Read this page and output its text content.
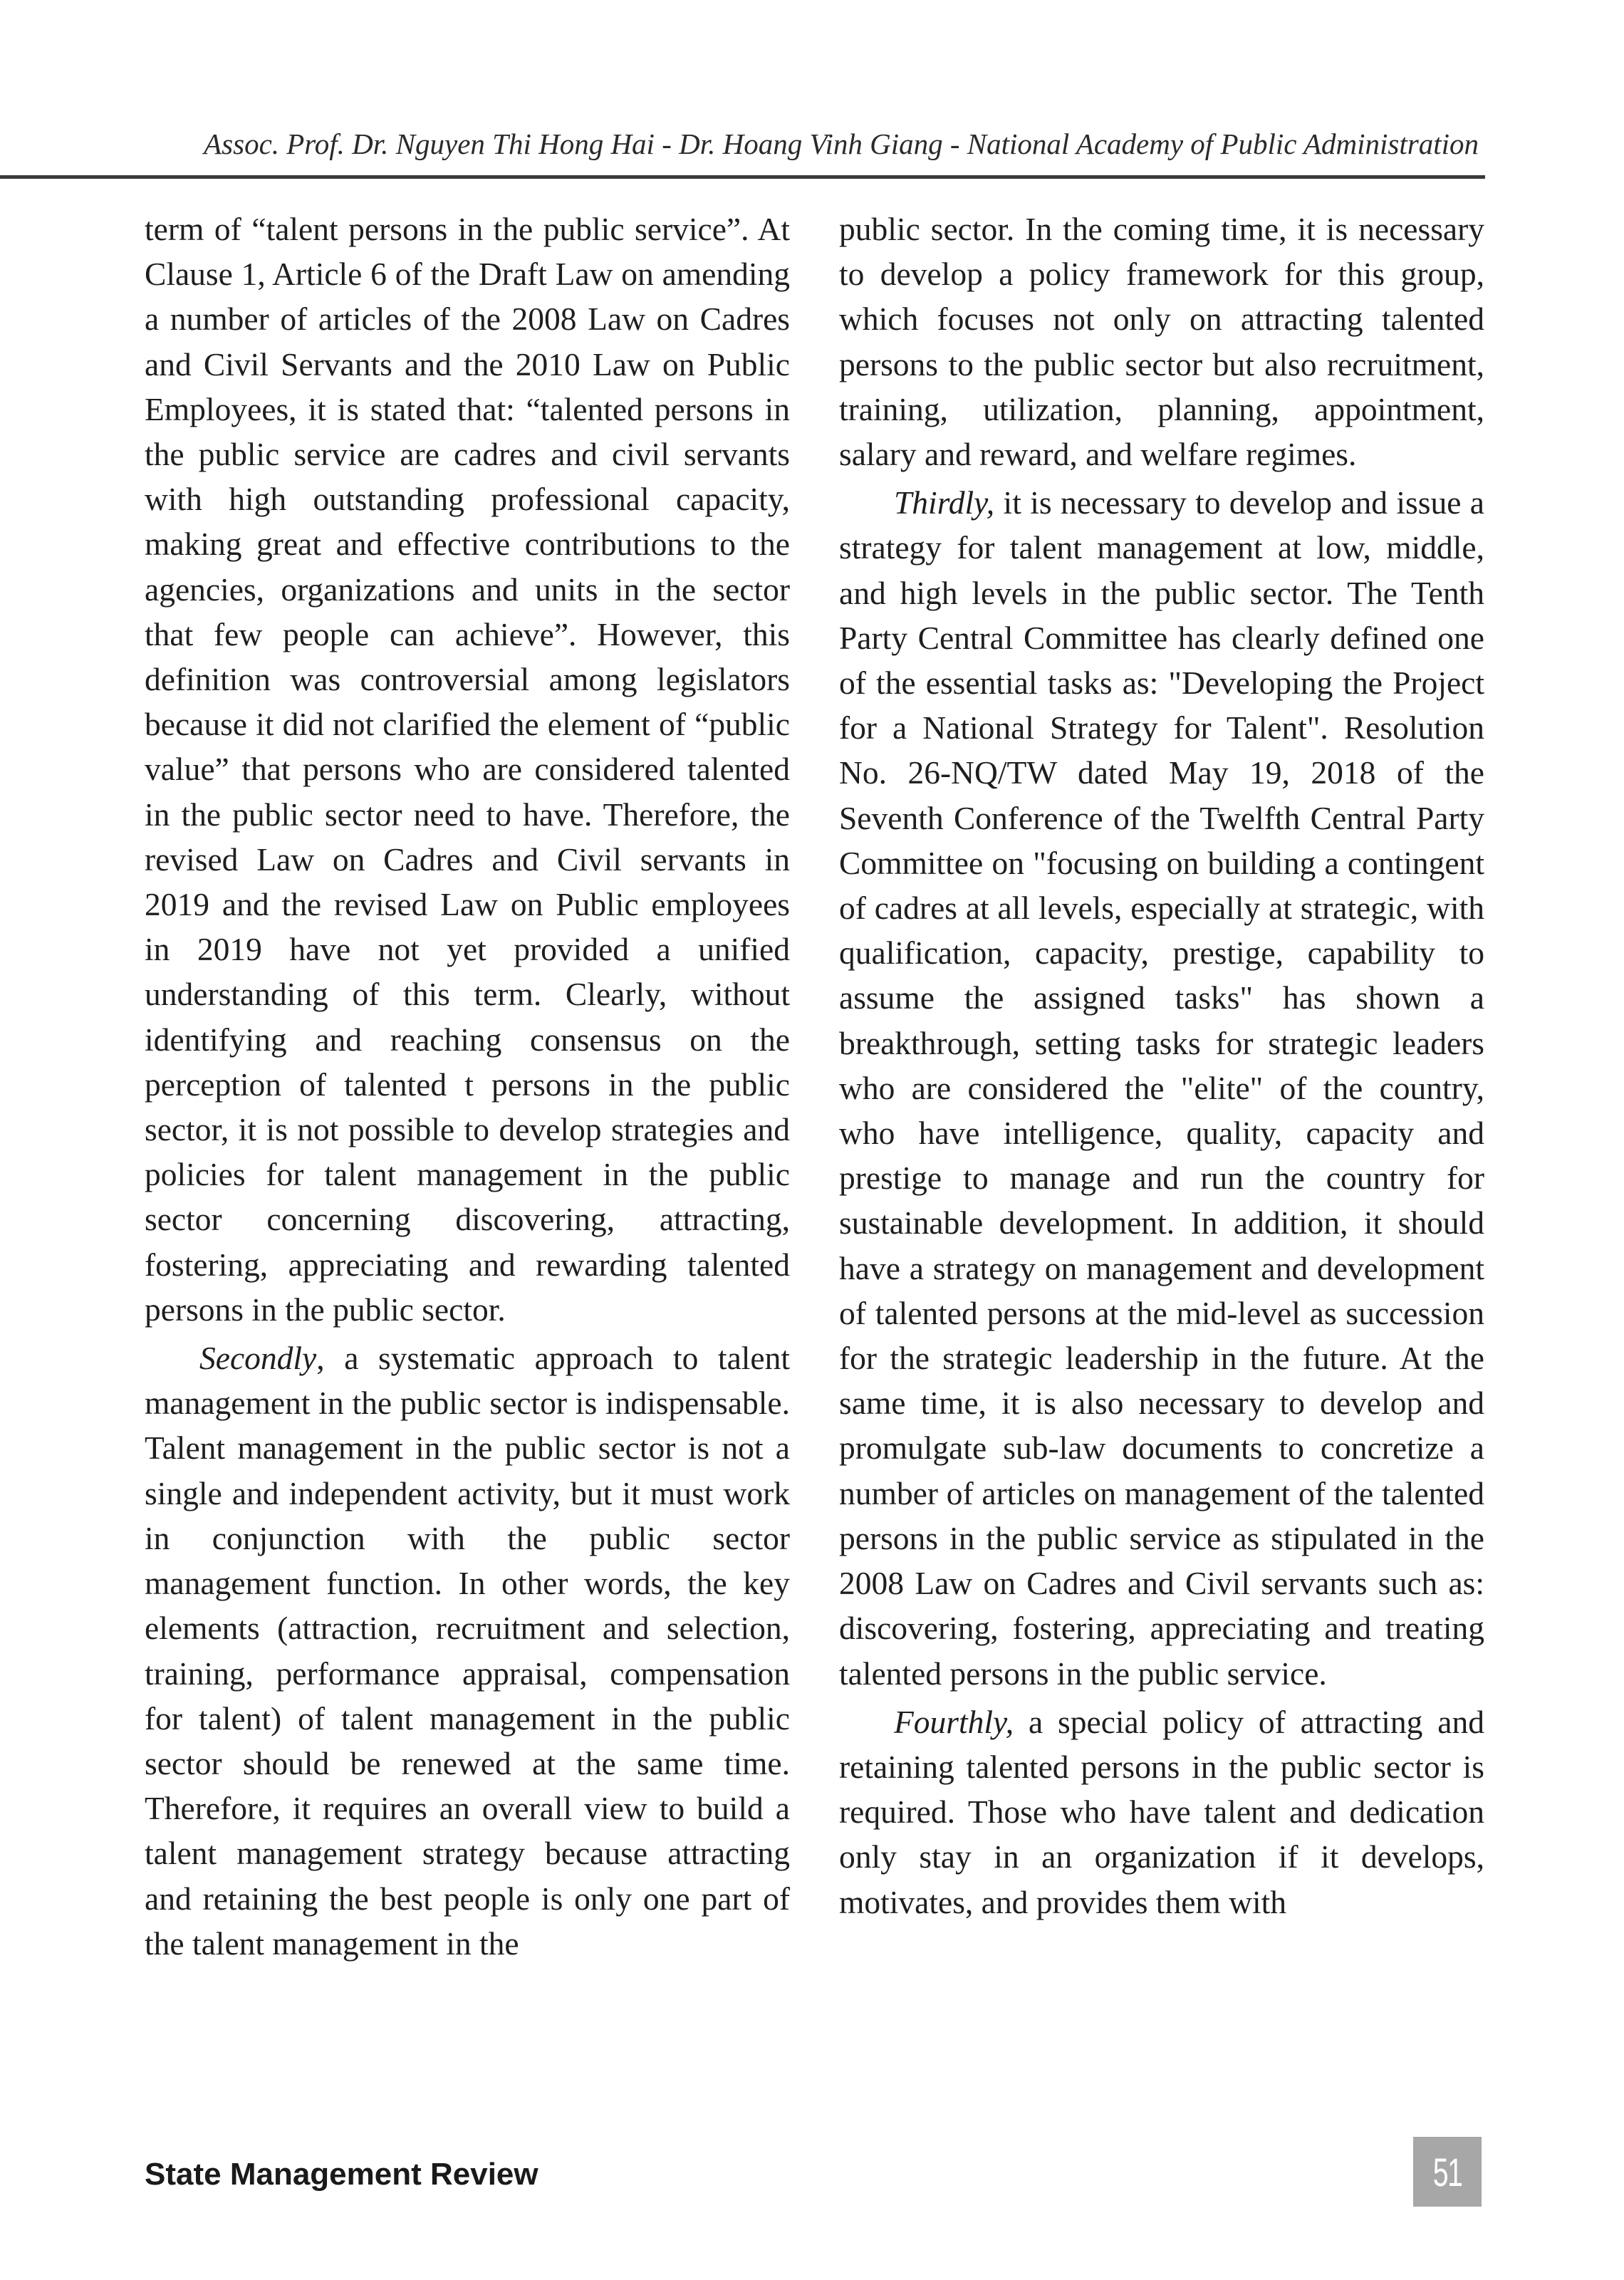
Assoc. Prof. Dr. Nguyen Thi Hong Hai - Dr. Hoang Vinh Giang - National Academy of Public Administration

term of “talent persons in the public service”. At Clause 1, Article 6 of the Draft Law on amending a number of articles of the 2008 Law on Cadres and Civil Servants and the 2010 Law on Public Employees, it is stated that: “talented persons in the public service are cadres and civil servants with high outstanding professional capacity, making great and effective contributions to the agencies, organizations and units in the sector that few people can achieve”. However, this definition was controversial among legislators because it did not clarified the element of “public value” that persons who are considered talented in the public sector need to have. Therefore, the revised Law on Cadres and Civil servants in 2019 and the revised Law on Public employees in 2019 have not yet provided a unified understanding of this term. Clearly, without identifying and reaching consensus on the perception of talented t persons in the public sector, it is not possible to develop strategies and policies for talent management in the public sector concerning discovering, attracting, fostering, appreciating and rewarding talented persons in the public sector.

Secondly, a systematic approach to talent management in the public sector is indispensable. Talent management in the public sector is not a single and independent activity, but it must work in conjunction with the public sector management function. In other words, the key elements (attraction, recruitment and selection, training, performance appraisal, compensation for talent) of talent management in the public sector should be renewed at the same time. Therefore, it requires an overall view to build a talent management strategy because attracting and retaining the best people is only one part of the talent management in the

public sector. In the coming time, it is necessary to develop a policy framework for this group, which focuses not only on attracting talented persons to the public sector but also recruitment, training, utilization, planning, appointment, salary and reward, and welfare regimes.

Thirdly, it is necessary to develop and issue a strategy for talent management at low, middle, and high levels in the public sector. The Tenth Party Central Committee has clearly defined one of the essential tasks as: "Developing the Project for a National Strategy for Talent". Resolution No. 26-NQ/TW dated May 19, 2018 of the Seventh Conference of the Twelfth Central Party Committee on "focusing on building a contingent of cadres at all levels, especially at strategic, with qualification, capacity, prestige, capability to assume the assigned tasks" has shown a breakthrough, setting tasks for strategic leaders who are considered the "elite" of the country, who have intelligence, quality, capacity and prestige to manage and run the country for sustainable development. In addition, it should have a strategy on management and development of talented persons at the mid-level as succession for the strategic leadership in the future. At the same time, it is also necessary to develop and promulgate sub-law documents to concretize a number of articles on management of the talented persons in the public service as stipulated in the 2008 Law on Cadres and Civil servants such as: discovering, fostering, appreciating and treating talented persons in the public service.

Fourthly, a special policy of attracting and retaining talented persons in the public sector is required. Those who have talent and dedication only stay in an organization if it develops, motivates, and provides them with

State Management Review	51
